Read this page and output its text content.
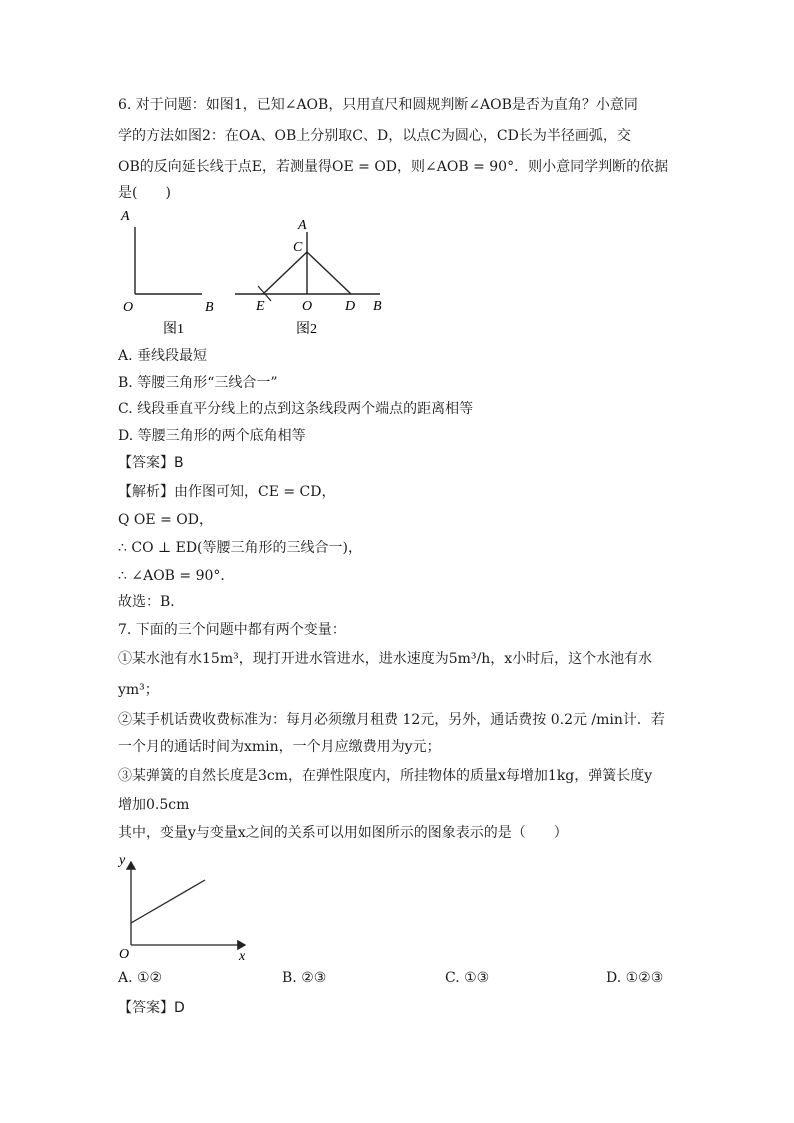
6. 对于问题：如图1，已知∠AOB，只用直尺和圆规判断∠AOB是否为直角？小意同
学的方法如图2：在OA、OB上分别取C、D，以点C为圆心，CD长为半径画弧，交
OB的反向延长线于点E，若测量得OE = OD，则∠AOB = 90°．则小意同学判断的依据
是(　　)
A
O	B
图1
A
C
E	O D B
图2
A. 垂线段最短
B. 等腰三角形“三线合一”
C. 线段垂直平分线上的点到这条线段两个端点的距离相等
D. 等腰三角形的两个底角相等
【答案】B
【解析】由作图可知，CE = CD，
Q OE = OD，
∴ CO ⊥ ED(等腰三角形的三线合一)，
∴ ∠AOB = 90°．
故选：B．
7. 下面的三个问题中都有两个变量：
①某水池有水15m³，现打开进水管进水，进水速度为5m³/h，x小时后，这个水池有水
ym³；
②某手机话费收费标准为：每月必须缴月租费 12元，另外，通话费按 0.2元 /min计．若
一个月的通话时间为xmin，一个月应缴费用为y元；
③某弹簧的自然长度是3cm，在弹性限度内，所挂物体的质量x每增加1kg，弹簧长度y
增加0.5cm
其中，变量y与变量x之间的关系可以用如图所示的图象表示的是（　　）
y
O	x
A. ①②	B. ②③	C. ①③	D. ①②③
【答案】D
